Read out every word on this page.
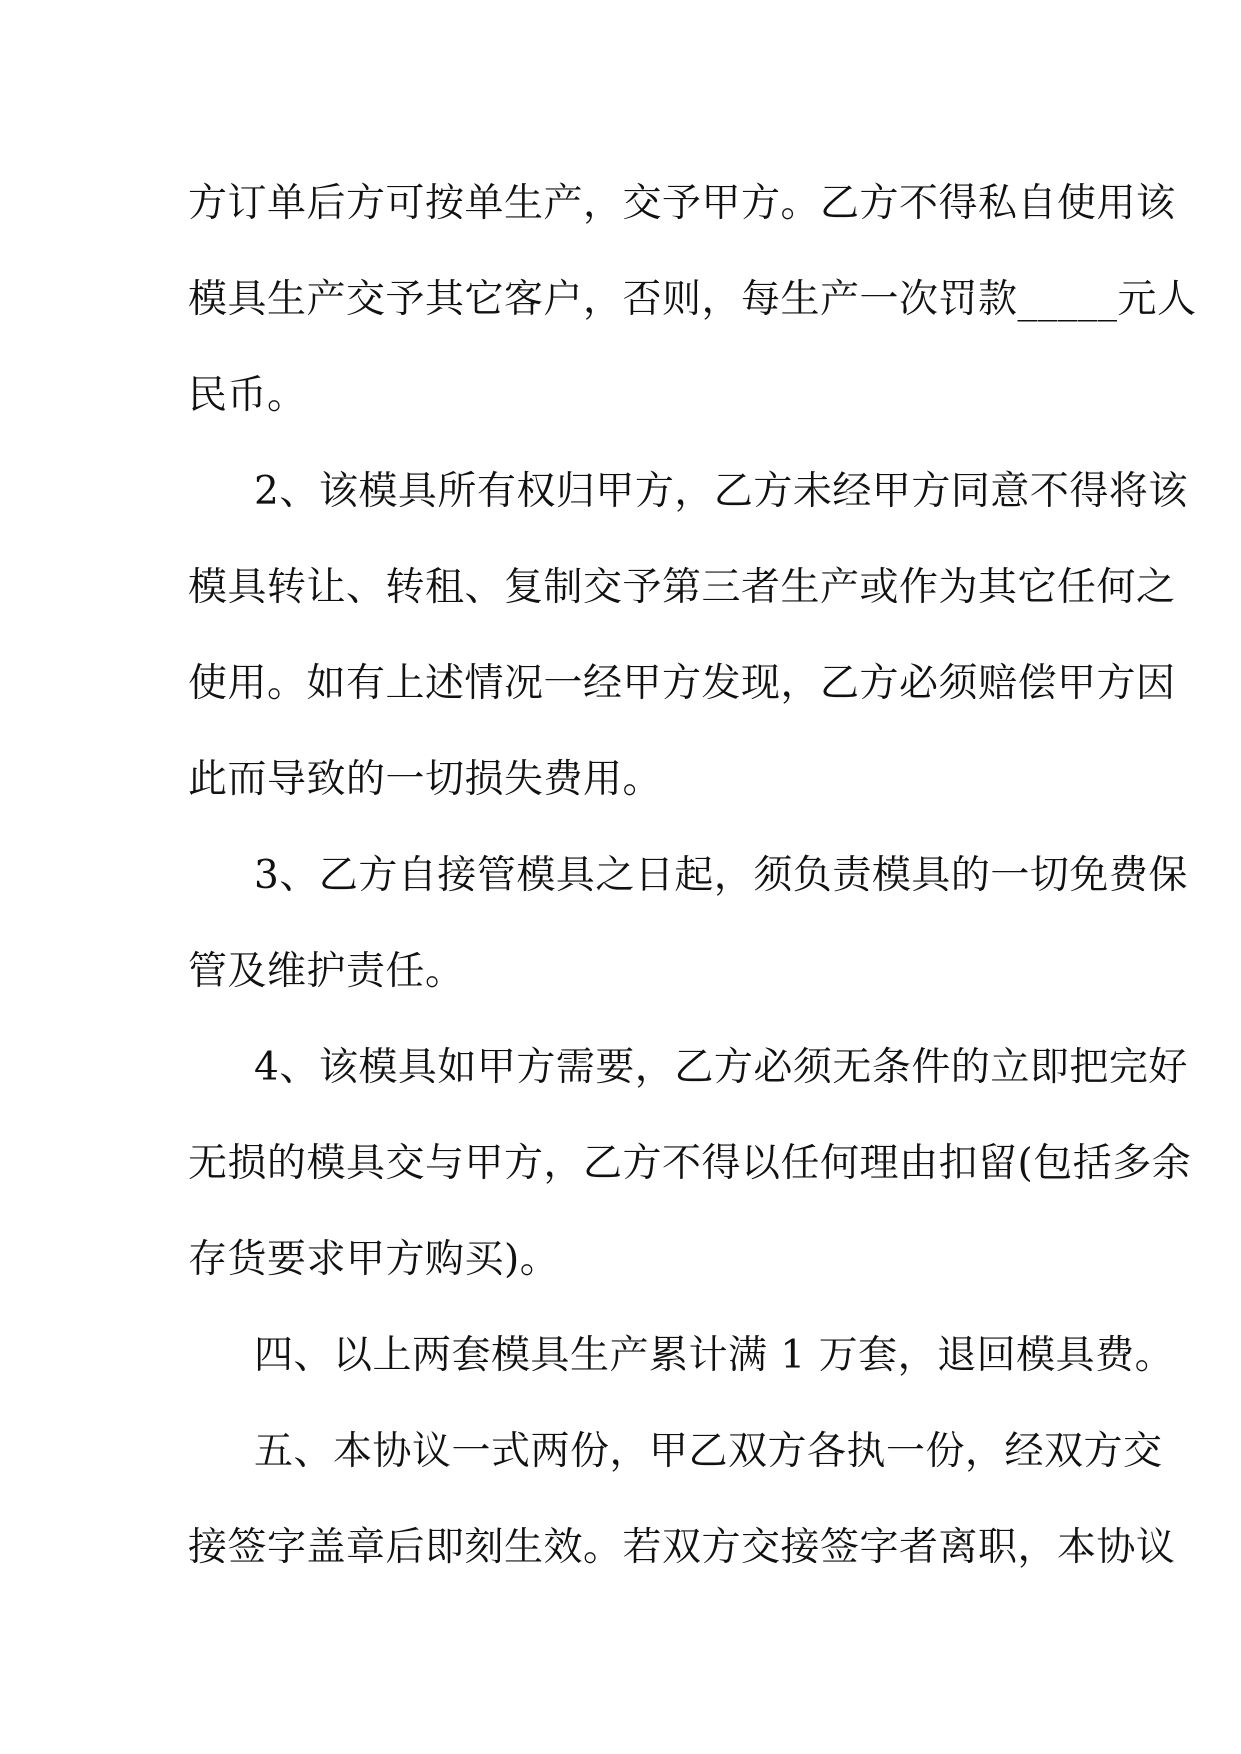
方订单后方可按单生产，交予甲方。乙方不得私自使用该
模具生产交予其它客户，否则，每生产一次罚款_____元人
民币。
2、该模具所有权归甲方，乙方未经甲方同意不得将该
模具转让、转租、复制交予第三者生产或作为其它任何之
使用。如有上述情况一经甲方发现，乙方必须赔偿甲方因
此而导致的一切损失费用。
3、乙方自接管模具之日起，须负责模具的一切免费保
管及维护责任。
4、该模具如甲方需要，乙方必须无条件的立即把完好
无损的模具交与甲方，乙方不得以任何理由扣留(包括多余
存货要求甲方购买)。
四、以上两套模具生产累计满 1 万套，退回模具费。
五、本协议一式两份，甲乙双方各执一份，经双方交
接签字盖章后即刻生效。若双方交接签字者离职，本协议
